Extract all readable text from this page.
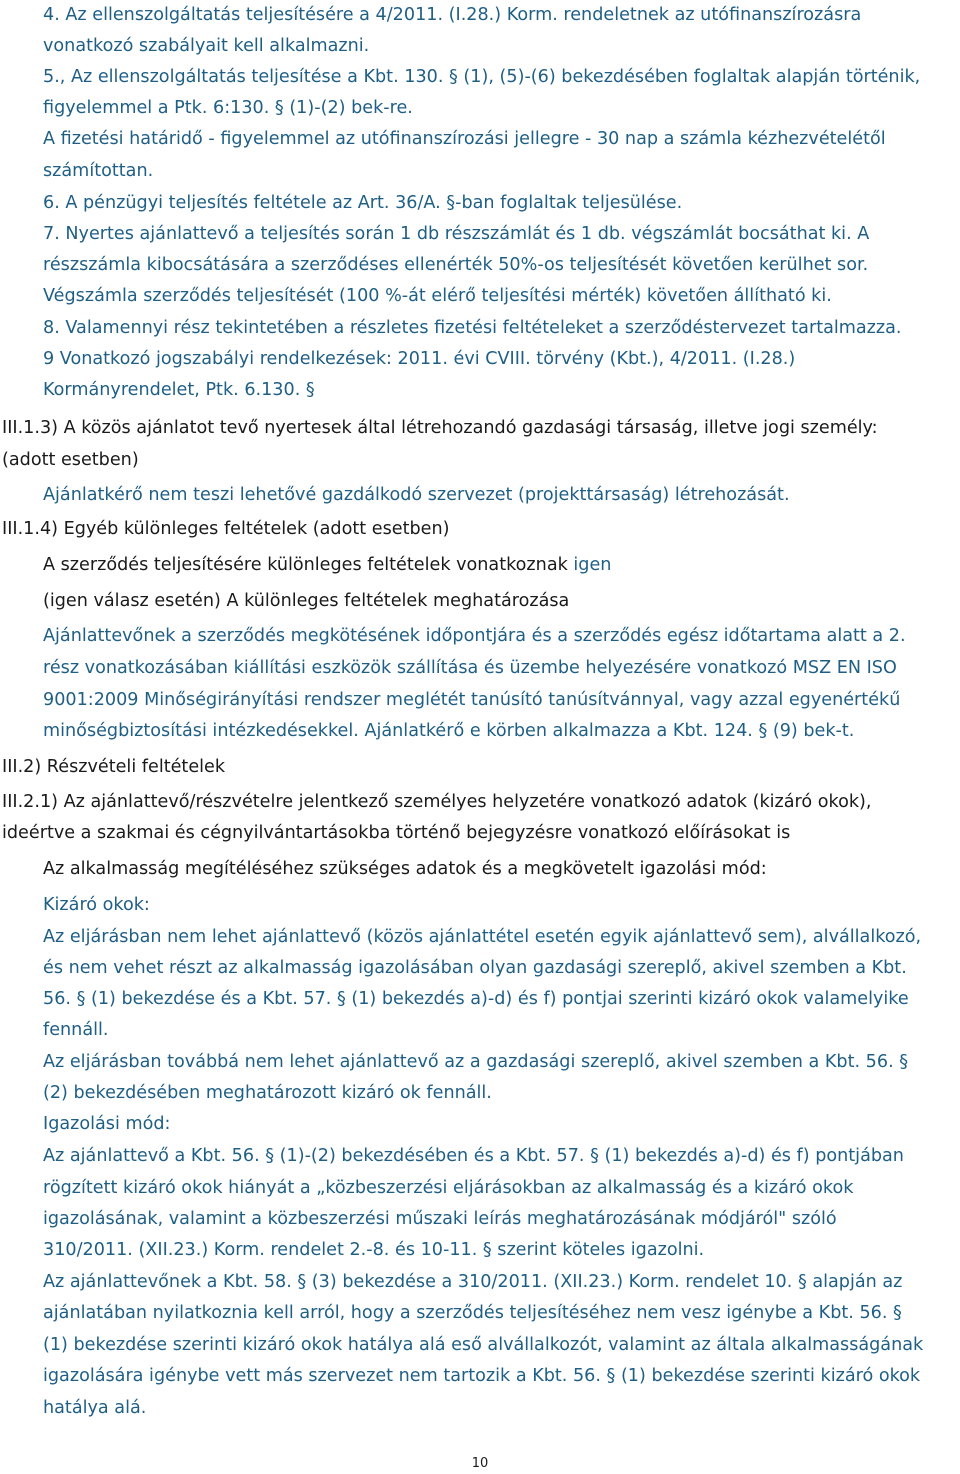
4. Az ellenszolgáltatás teljesítésére a 4/2011. (I.28.) Korm. rendeletnek az utófinanszírozásra
vonatkozó szabályait kell alkalmazni.
5., Az ellenszolgáltatás teljesítése a Kbt. 130. § (1), (5)-(6) bekezdésében foglaltak alapján történik,
figyelemmel a Ptk. 6:130. § (1)-(2) bek-re.
A fizetési határidő - figyelemmel az utófinanszírozási jellegre - 30 nap a számla kézhezvételétől
számítottan.
6. A pénzügyi teljesítés feltétele az Art. 36/A. §-ban foglaltak teljesülése.
7. Nyertes ajánlattevő a teljesítés során 1 db részszámlát és 1 db. végszámlát bocsáthat ki. A
részszámla kibocsátására a szerződéses ellenérték 50%-os teljesítését követően kerülhet sor.
Végszámla szerződés teljesítését (100 %-át elérő teljesítési mérték) követően állítható ki.
8. Valamennyi rész tekintetében a részletes fizetési feltételeket a szerződéstervezet tartalmazza.
9 Vonatkozó jogszabályi rendelkezések: 2011. évi CVIII. törvény (Kbt.), 4/2011. (I.28.)
Kormányrendelet, Ptk. 6.130. §
III.1.3) A közös ajánlatot tevő nyertesek által létrehozandó gazdasági társaság, illetve jogi személy:
(adott esetben)
Ajánlatkérő nem teszi lehetővé gazdálkodó szervezet (projekttársaság) létrehozását.
III.1.4) Egyéb különleges feltételek (adott esetben)
A szerződés teljesítésére különleges feltételek vonatkoznak igen
(igen válasz esetén) A különleges feltételek meghatározása
Ajánlattevőnek a szerződés megkötésének időpontjára és a szerződés egész időtartama alatt a 2.
rész vonatkozásában kiállítási eszközök szállítása és üzembe helyezésére vonatkozó MSZ EN ISO
9001:2009 Minőségirányítási rendszer meglétét tanúsító tanúsítvánnyal, vagy azzal egyenértékű
minőségbiztosítási intézkedésekkel. Ajánlatkérő e körben alkalmazza a Kbt. 124. § (9) bek-t.
III.2) Részvételi feltételek
III.2.1) Az ajánlattevő/részvételre jelentkező személyes helyzetére vonatkozó adatok (kizáró okok),
ideértve a szakmai és cégnyilvántartásokba történő bejegyzésre vonatkozó előírásokat is
Az alkalmasság megítéléséhez szükséges adatok és a megkövetelt igazolási mód:
Kizáró okok:
Az eljárásban nem lehet ajánlattevő (közös ajánlattétel esetén egyik ajánlattevő sem), alvállalkozó,
és nem vehet részt az alkalmasság igazolásában olyan gazdasági szereplő, akivel szemben a Kbt.
56. § (1) bekezdése és a Kbt. 57. § (1) bekezdés a)-d) és f) pontjai szerinti kizáró okok valamelyike
fennáll.
Az eljárásban továbbá nem lehet ajánlattevő az a gazdasági szereplő, akivel szemben a Kbt. 56. §
(2) bekezdésében meghatározott kizáró ok fennáll.
Igazolási mód:
Az ajánlattevő a Kbt. 56. § (1)-(2) bekezdésében és a Kbt. 57. § (1) bekezdés a)-d) és f) pontjában
rögzített kizáró okok hiányát a „közbeszerzési eljárásokban az alkalmasság és a kizáró okok
igazolásának, valamint a közbeszerzési műszaki leírás meghatározásának módjáról" szóló
310/2011. (XII.23.) Korm. rendelet 2.-8. és 10-11. § szerint köteles igazolni.
Az ajánlattevőnek a Kbt. 58. § (3) bekezdése a 310/2011. (XII.23.) Korm. rendelet 10. § alapján az
ajánlatában nyilatkoznia kell arról, hogy a szerződés teljesítéséhez nem vesz igénybe a Kbt. 56. §
(1) bekezdése szerinti kizáró okok hatálya alá eső alvállalkozót, valamint az általa alkalmasságának
igazolására igénybe vett más szervezet nem tartozik a Kbt. 56. § (1) bekezdése szerinti kizáró okok
hatálya alá.
10
